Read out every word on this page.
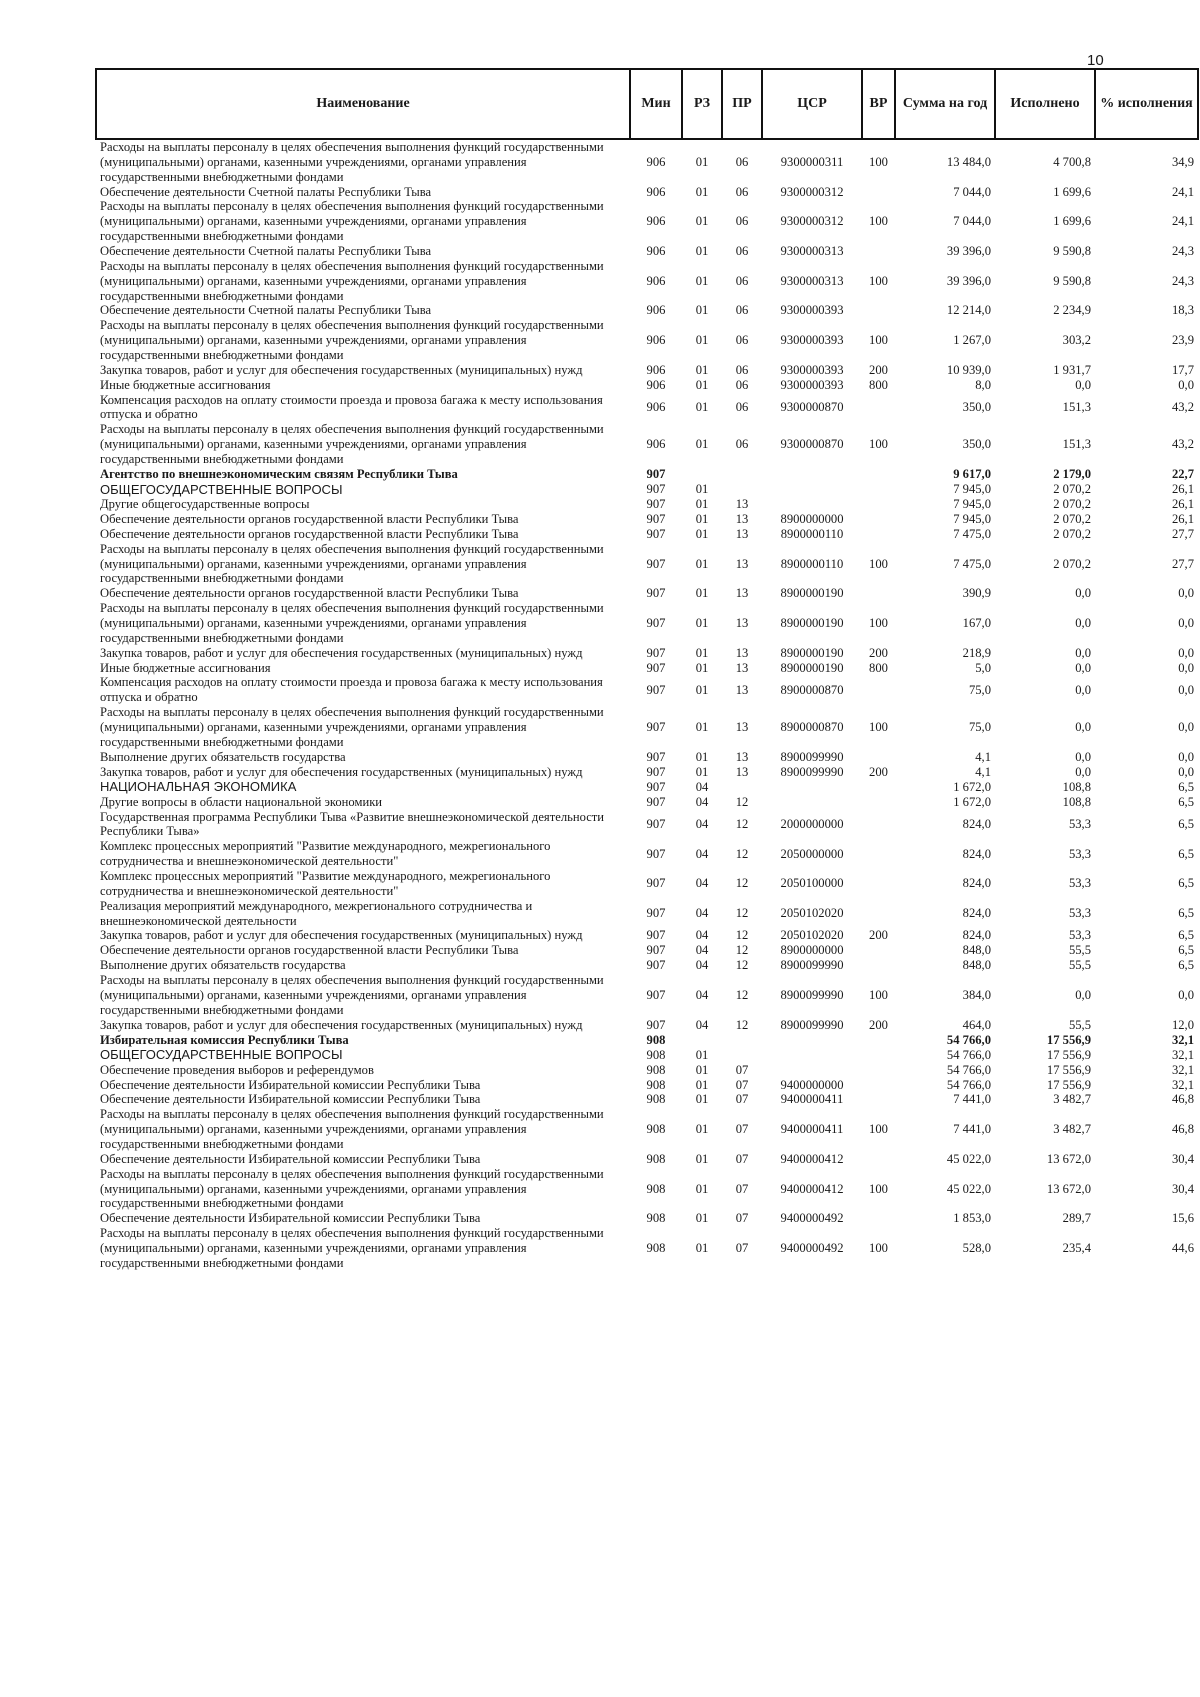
10
Наименование	Мин	РЗ	ПР	ЦСР	ВР	Сумма на год	Исполнено	% исполнения
Расходы на выплаты персоналу в целях обеспечения выполнения функций государственными (муниципальными) органами, казенными учреждениями, органами управления государственными внебюджетными фондами	906	01	06	9300000311	100	13 484,0	4 700,8	34,9
Обеспечение деятельности Счетной палаты Республики Тыва	906	01	06	9300000312		7 044,0	1 699,6	24,1
Расходы на выплаты персоналу в целях обеспечения выполнения функций государственными (муниципальными) органами, казенными учреждениями, органами управления государственными внебюджетными фондами	906	01	06	9300000312	100	7 044,0	1 699,6	24,1
Обеспечение деятельности Счетной палаты Республики Тыва	906	01	06	9300000313		39 396,0	9 590,8	24,3
Расходы на выплаты персоналу в целях обеспечения выполнения функций государственными (муниципальными) органами, казенными учреждениями, органами управления государственными внебюджетными фондами	906	01	06	9300000313	100	39 396,0	9 590,8	24,3
Обеспечение деятельности Счетной палаты Республики Тыва	906	01	06	9300000393		12 214,0	2 234,9	18,3
Расходы на выплаты персоналу в целях обеспечения выполнения функций государственными (муниципальными) органами, казенными учреждениями, органами управления государственными внебюджетными фондами	906	01	06	9300000393	100	1 267,0	303,2	23,9
Закупка товаров, работ и услуг для обеспечения государственных (муниципальных) нужд	906	01	06	9300000393	200	10 939,0	1 931,7	17,7
Иные бюджетные ассигнования	906	01	06	9300000393	800	8,0	0,0	0,0
Компенсация расходов на оплату стоимости проезда и провоза багажа к месту использования отпуска и обратно	906	01	06	9300000870		350,0	151,3	43,2
Расходы на выплаты персоналу в целях обеспечения выполнения функций государственными (муниципальными) органами, казенными учреждениями, органами управления государственными внебюджетными фондами	906	01	06	9300000870	100	350,0	151,3	43,2
Агентство по внешнеэкономическим связям Республики Тыва	907					9 617,0	2 179,0	22,7
ОБЩЕГОСУДАРСТВЕННЫЕ ВОПРОСЫ	907	01				7 945,0	2 070,2	26,1
Другие общегосударственные вопросы	907	01	13			7 945,0	2 070,2	26,1
Обеспечение деятельности органов государственной власти Республики Тыва	907	01	13	8900000000		7 945,0	2 070,2	26,1
Обеспечение деятельности органов государственной власти Республики Тыва	907	01	13	8900000110		7 475,0	2 070,2	27,7
Расходы на выплаты персоналу в целях обеспечения выполнения функций государственными (муниципальными) органами, казенными учреждениями, органами управления государственными внебюджетными фондами	907	01	13	8900000110	100	7 475,0	2 070,2	27,7
Обеспечение деятельности органов государственной власти Республики Тыва	907	01	13	8900000190		390,9	0,0	0,0
Расходы на выплаты персоналу в целях обеспечения выполнения функций государственными (муниципальными) органами, казенными учреждениями, органами управления государственными внебюджетными фондами	907	01	13	8900000190	100	167,0	0,0	0,0
Закупка товаров, работ и услуг для обеспечения государственных (муниципальных) нужд	907	01	13	8900000190	200	218,9	0,0	0,0
Иные бюджетные ассигнования	907	01	13	8900000190	800	5,0	0,0	0,0
Компенсация расходов на оплату стоимости проезда и провоза багажа к месту использования отпуска и обратно	907	01	13	8900000870		75,0	0,0	0,0
Расходы на выплаты персоналу в целях обеспечения выполнения функций государственными (муниципальными) органами, казенными учреждениями, органами управления государственными внебюджетными фондами	907	01	13	8900000870	100	75,0	0,0	0,0
Выполнение других обязательств государства	907	01	13	8900099990		4,1	0,0	0,0
Закупка товаров, работ и услуг для обеспечения государственных (муниципальных) нужд	907	01	13	8900099990	200	4,1	0,0	0,0
НАЦИОНАЛЬНАЯ ЭКОНОМИКА	907	04				1 672,0	108,8	6,5
Другие вопросы в области национальной экономики	907	04	12			1 672,0	108,8	6,5
Государственная программа Республики Тыва «Развитие внешнеэкономической деятельности Республики Тыва»	907	04	12	2000000000		824,0	53,3	6,5
Комплекс процессных мероприятий "Развитие международного, межрегионального сотрудничества и внешнеэкономической деятельности"	907	04	12	2050000000		824,0	53,3	6,5
Комплекс процессных мероприятий "Развитие международного, межрегионального сотрудничества и внешнеэкономической деятельности"	907	04	12	2050100000		824,0	53,3	6,5
Реализация мероприятий международного, межрегионального сотрудничества и внешнеэкономической деятельности	907	04	12	2050102020		824,0	53,3	6,5
Закупка товаров, работ и услуг для обеспечения государственных (муниципальных) нужд	907	04	12	2050102020	200	824,0	53,3	6,5
Обеспечение деятельности органов государственной власти Республики Тыва	907	04	12	8900000000		848,0	55,5	6,5
Выполнение других обязательств государства	907	04	12	8900099990		848,0	55,5	6,5
Расходы на выплаты персоналу в целях обеспечения выполнения функций государственными (муниципальными) органами, казенными учреждениями, органами управления государственными внебюджетными фондами	907	04	12	8900099990	100	384,0	0,0	0,0
Закупка товаров, работ и услуг для обеспечения государственных (муниципальных) нужд	907	04	12	8900099990	200	464,0	55,5	12,0
Избирательная комиссия Республики Тыва	908					54 766,0	17 556,9	32,1
ОБЩЕГОСУДАРСТВЕННЫЕ ВОПРОСЫ	908	01				54 766,0	17 556,9	32,1
Обеспечение проведения выборов и референдумов	908	01	07			54 766,0	17 556,9	32,1
Обеспечение деятельности Избирательной комиссии Республики Тыва	908	01	07	9400000000		54 766,0	17 556,9	32,1
Обеспечение деятельности Избирательной комиссии Республики Тыва	908	01	07	9400000411		7 441,0	3 482,7	46,8
Расходы на выплаты персоналу в целях обеспечения выполнения функций государственными (муниципальными) органами, казенными учреждениями, органами управления государственными внебюджетными фондами	908	01	07	9400000411	100	7 441,0	3 482,7	46,8
Обеспечение деятельности Избирательной комиссии Республики Тыва	908	01	07	9400000412		45 022,0	13 672,0	30,4
Расходы на выплаты персоналу в целях обеспечения выполнения функций государственными (муниципальными) органами, казенными учреждениями, органами управления государственными внебюджетными фондами	908	01	07	9400000412	100	45 022,0	13 672,0	30,4
Обеспечение деятельности Избирательной комиссии Республики Тыва	908	01	07	9400000492		1 853,0	289,7	15,6
Расходы на выплаты персоналу в целях обеспечения выполнения функций государственными (муниципальными) органами, казенными учреждениями, органами управления государственными внебюджетными фондами	908	01	07	9400000492	100	528,0	235,4	44,6
